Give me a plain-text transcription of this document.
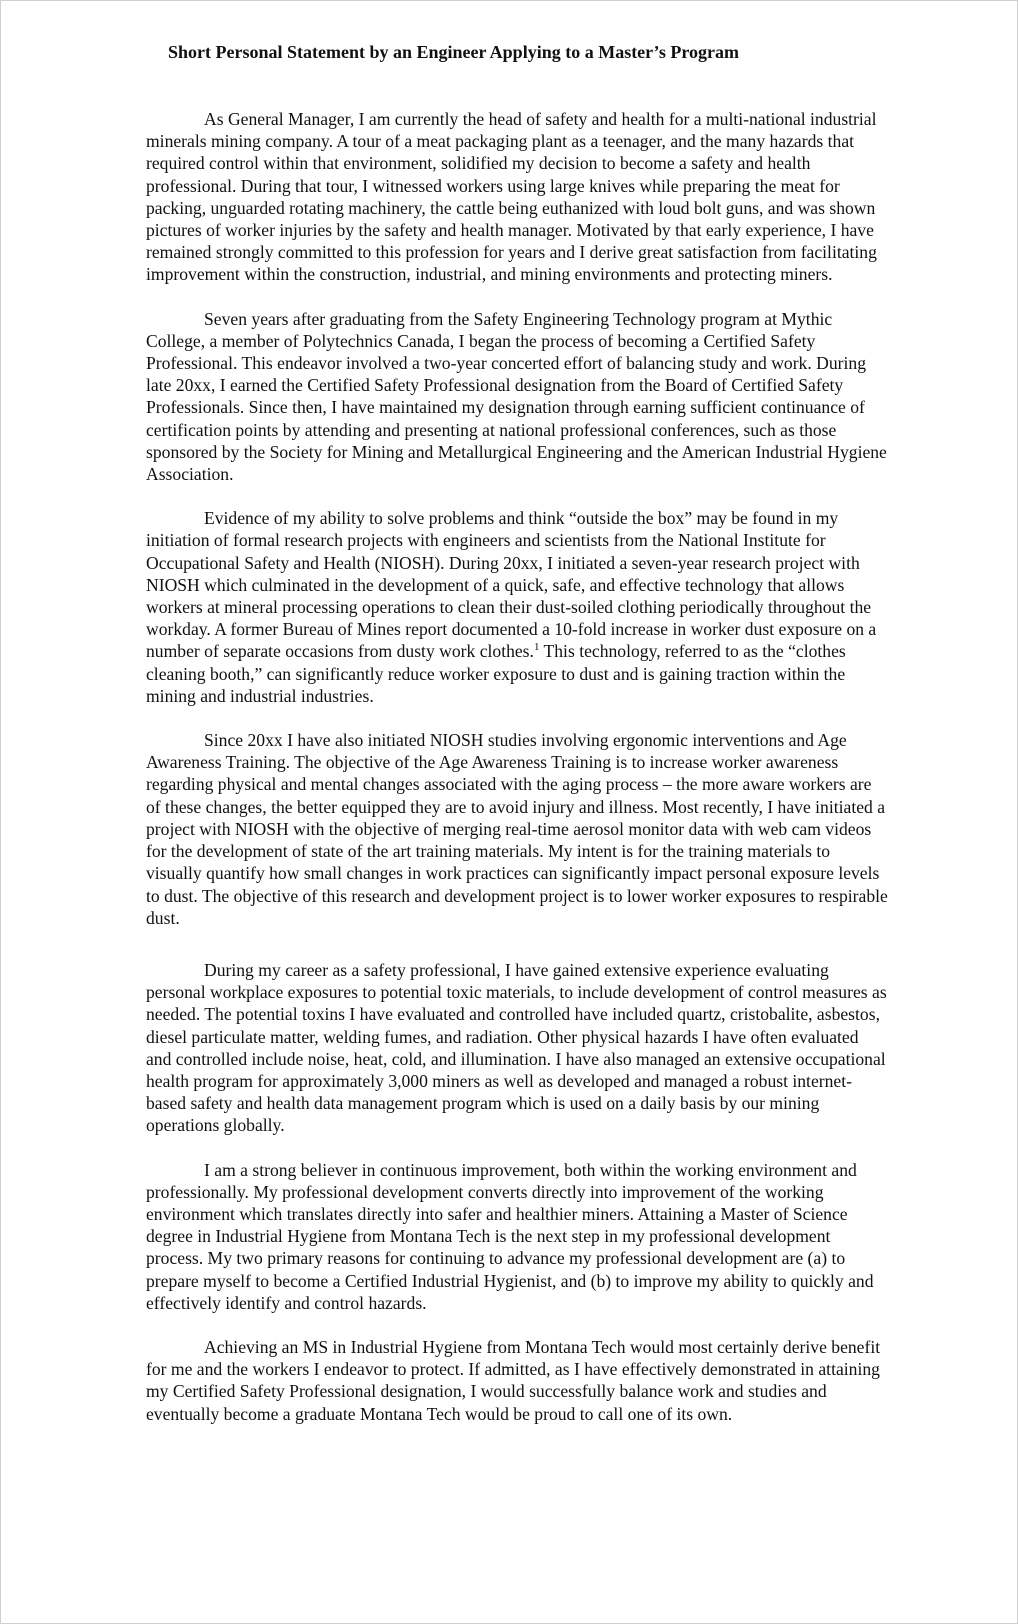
Short Personal Statement by an Engineer Applying to a Master’s Program

As General Manager, I am currently the head of safety and health for a multi-national industrial minerals mining company. A tour of a meat packaging plant as a teenager, and the many hazards that required control within that environment, solidified my decision to become a safety and health professional. During that tour, I witnessed workers using large knives while preparing the meat for packing, unguarded rotating machinery, the cattle being euthanized with loud bolt guns, and was shown pictures of worker injuries by the safety and health manager. Motivated by that early experience, I have remained strongly committed to this profession for years and I derive great satisfaction from facilitating improvement within the construction, industrial, and mining environments and protecting miners.

Seven years after graduating from the Safety Engineering Technology program at Mythic College, a member of Polytechnics Canada, I began the process of becoming a Certified Safety Professional. This endeavor involved a two-year concerted effort of balancing study and work. During late 20xx, I earned the Certified Safety Professional designation from the Board of Certified Safety Professionals. Since then, I have maintained my designation through earning sufficient continuance of certification points by attending and presenting at national professional conferences, such as those sponsored by the Society for Mining and Metallurgical Engineering and the American Industrial Hygiene Association.

Evidence of my ability to solve problems and think “outside the box” may be found in my initiation of formal research projects with engineers and scientists from the National Institute for Occupational Safety and Health (NIOSH). During 20xx, I initiated a seven-year research project with NIOSH which culminated in the development of a quick, safe, and effective technology that allows workers at mineral processing operations to clean their dust-soiled clothing periodically throughout the workday. A former Bureau of Mines report documented a 10-fold increase in worker dust exposure on a number of separate occasions from dusty work clothes.$^1$ This technology, referred to as the “clothes cleaning booth,” can significantly reduce worker exposure to dust and is gaining traction within the mining and industrial industries.

Since 20xx I have also initiated NIOSH studies involving ergonomic interventions and Age Awareness Training. The objective of the Age Awareness Training is to increase worker awareness regarding physical and mental changes associated with the aging process – the more aware workers are of these changes, the better equipped they are to avoid injury and illness. Most recently, I have initiated a project with NIOSH with the objective of merging real-time aerosol monitor data with web cam videos for the development of state of the art training materials. My intent is for the training materials to visually quantify how small changes in work practices can significantly impact personal exposure levels to dust. The objective of this research and development project is to lower worker exposures to respirable dust.

During my career as a safety professional, I have gained extensive experience evaluating personal workplace exposures to potential toxic materials, to include development of control measures as needed. The potential toxins I have evaluated and controlled have included quartz, cristobalite, asbestos, diesel particulate matter, welding fumes, and radiation. Other physical hazards I have often evaluated and controlled include noise, heat, cold, and illumination. I have also managed an extensive occupational health program for approximately 3,000 miners as well as developed and managed a robust internet-based safety and health data management program which is used on a daily basis by our mining operations globally.

I am a strong believer in continuous improvement, both within the working environment and professionally. My professional development converts directly into improvement of the working environment which translates directly into safer and healthier miners. Attaining a Master of Science degree in Industrial Hygiene from Montana Tech is the next step in my professional development process. My two primary reasons for continuing to advance my professional development are (a) to prepare myself to become a Certified Industrial Hygienist, and (b) to improve my ability to quickly and effectively identify and control hazards.

Achieving an MS in Industrial Hygiene from Montana Tech would most certainly derive benefit for me and the workers I endeavor to protect. If admitted, as I have effectively demonstrated in attaining my Certified Safety Professional designation, I would successfully balance work and studies and eventually become a graduate Montana Tech would be proud to call one of its own.
